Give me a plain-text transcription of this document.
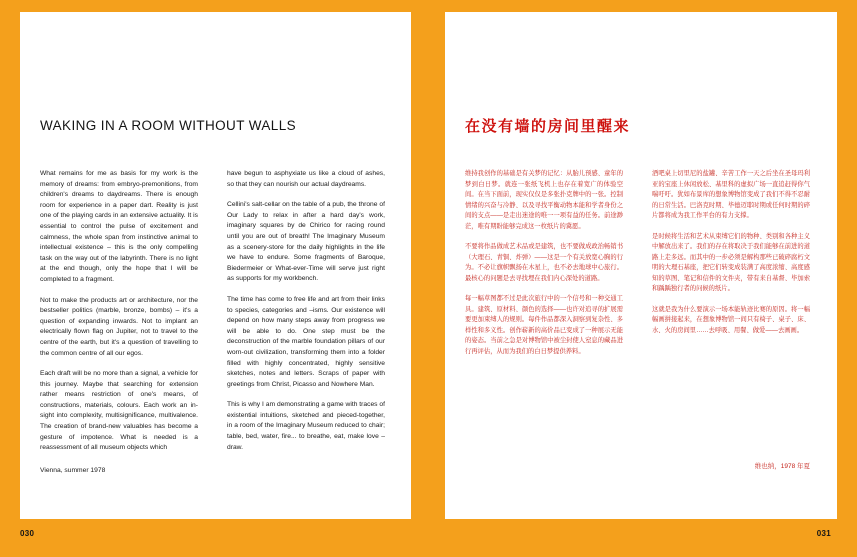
WAKING IN A ROOM WITHOUT WALLS

What remains for me as basis for my work is the memory of dreams: from embryo-premonitions, from children's dreams to daydreams. There is enough room for experience in a paper dart. Reality is just one of the playing cards in an extensive actuality. It is essential to control the pulse of excitement and calmness, the whole span from instinctive animal to intellectual existence – this is the only compelling task on the way out of the labyrinth. There is no light at the end though, only the hope that I will be completed to a fragment.

Not to make the products art or architecture, nor the bestseller politics (marble, bronze, bombs) – it's a question of expanding inwards. Not to implant an electrically flown flag on Jupiter, not to travel to the centre of the earth, but it's a question of travelling to the common centre of all our egos.

Each draft will be no more than a signal, a vehicle for this journey. Maybe that searching for extension rather means restriction of one's means, of constructions, materials, colours. Each work an in-sight into complexity, multisignificance, multivalence. The creation of brand-new valuables has become a gesture of impotence. What is needed is a reassessment of all museum objects which

have begun to asphyxiate us like a cloud of ashes, so that they can nourish our actual daydreams.

Cellini's salt-cellar on the table of a pub, the throne of Our Lady to relax in after a hard day's work, imaginary squares by de Chirico for racing round until you are out of breath! The Imaginary Museum as a scenery-store for the daily highlights in the life we have to endure. Some fragments of Baroque, Biedermeier or What-ever-Time will serve just right as supports for my workbench.

The time has come to free life and art from their links to species, categories and –isms. Our existence will depend on how many steps away from progress we will be able to do. One step must be the deconstruction of the marble foundation pillars of our worn-out civilization, transforming them into a folder filled with highly concentrated, highly sensitive sketches, notes and letters. Scraps of paper with greetings from Christ, Picasso and Nowhere Man.

This is why I am demonstrating a game with traces of existential intuitions, sketched and pieced-together, in a room of the Imaginary Museum reduced to chair; table, bed, water, fire... to breathe, eat, make love – draw.

Vienna, summer 1978
在没有墙的房间里醒来

维持我创作的基础是有关梦的记忆：从胎儿预感、童年的梦到白日梦。就连一张纸飞机上也存在着宽广的体验空间。在当下面前，现实仅仅是多张扑克牌中的一张。控制情绪的兴奋与冷静、以及寻找平衡动物本能和学者身份之间的支点——是走出迷途的唯一一项有益的任务。前途渺茫，唯有期盼能够完成这一枚纸片的冀愿。

不要将作品做成艺术品或是建筑，也不要做成政治畅销书（大理石、青铜、炸弹）——这是一个有关放宽心胸的行为。不必让旗帜飘扬在木星上，也不必去地球中心旅行。最核心的问题是去寻找埋在我们内心深处的道路。

每一幅草图都不过是此次旅行中的一个信号和一种交通工具。建筑、原材料、颜色的选择——也许对追寻的扩展需要更加束缚人的规则。每件作品都深入洞察到复杂性、多样性和多义性。创作崭新的高价品已变成了一种展示无能的姿态。当前之急是对博物馆中被尘封使人窒息的藏品进行再评估，从而为我们的白日梦提供养料。

酒吧桌上切里尼的盐罐、辛苦工作一天之后坐在圣母玛利亚的宝座上休闲放松、基里科的虚拟广场一直追赶得你气喘吁吁。犹如布景库的想象博物馆变成了我们不得不忍耐的日常生活。巴洛克时期、毕德迈耶时期或任何时期的碎片都将成为我工作平台的有力支撑。

是时候将生活和艺术从束缚它们的物种、类别和各种主义中解放出来了。我们的存在将取决于我们能够在前进的道路上走多远。而其中的一步必须是解构那些已破碎腐朽文明的大理石基座，把它们转变成装满了高度浓缩、高度感知的草图、笔记和信件的文件夹，带有来自基督、毕加索和踽踽独行者的问候的纸片。

这就是我为什么要演示一场本能轨迹比赛的原因。将一幅幅画拼接起来，在想象博物馆一间只有椅子、桌子、床、水、火的房间里……去呼吸、用餐、做爱——去画画。

维也纳，1978 年夏
030	031
